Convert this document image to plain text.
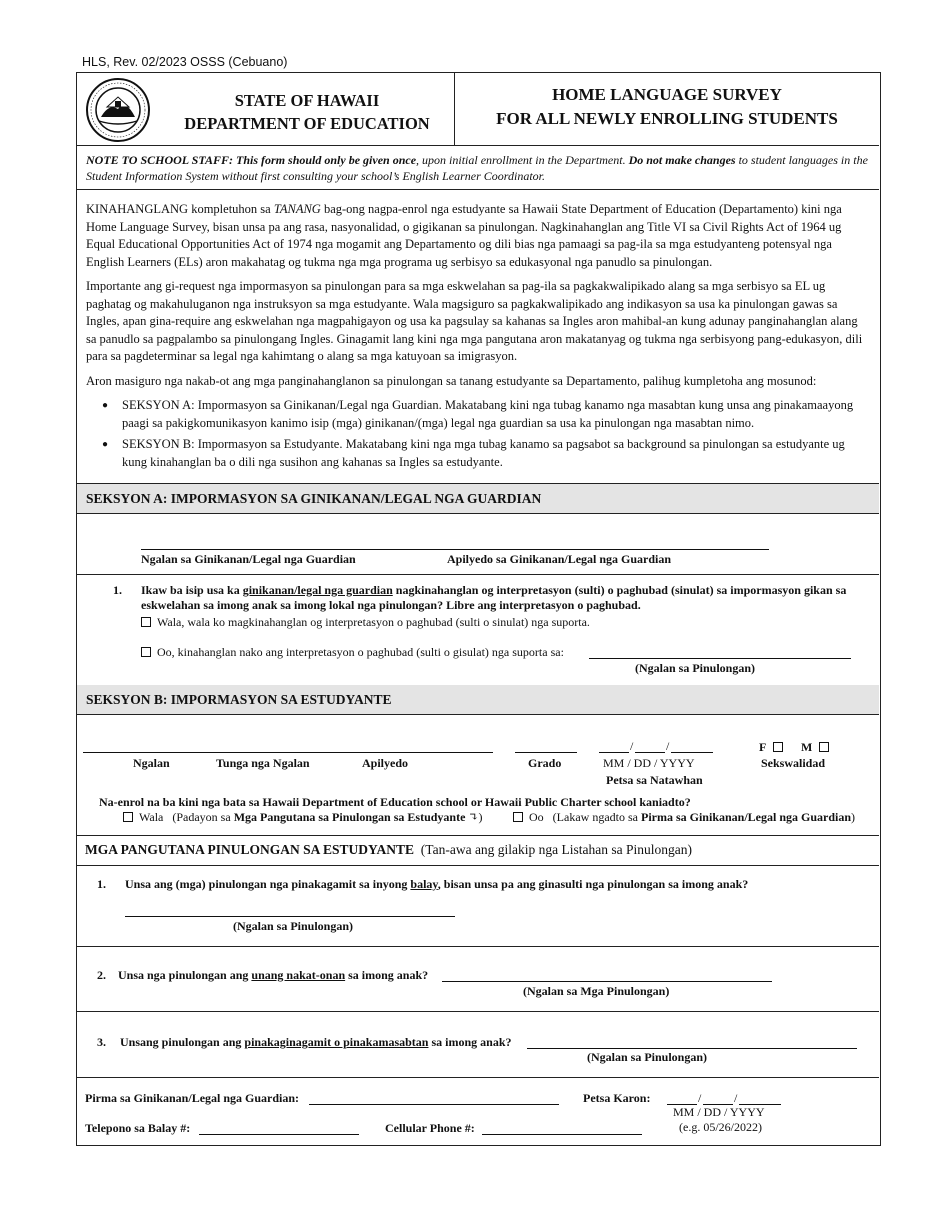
HLS, Rev. 02/2023 OSSS (Cebuano)
STATE OF HAWAII
DEPARTMENT OF EDUCATION
HOME LANGUAGE SURVEY
FOR ALL NEWLY ENROLLING STUDENTS
NOTE TO SCHOOL STAFF: This form should only be given once, upon initial enrollment in the Department. Do not make changes to student languages in the Student Information System without first consulting your school’s English Learner Coordinator.

KINAHANGLANG kompletuhon sa TANANG bag-ong nagpa-enrol nga estudyante sa Hawaii State Department of Education (Departamento) kini nga Home Language Survey, bisan unsa pa ang rasa, nasyonalidad, o gigikanan sa pinulongan. Nagkinahanglan ang Title VI sa Civil Rights Act of 1964 ug Equal Educational Opportunities Act of 1974 nga mogamit ang Departamento og dili bias nga pamaagi sa pag-ila sa mga estudyanteng potensyal nga English Learners (ELs) aron makahatag og tukma nga mga programa ug serbisyo sa edukasyonal nga panudlo sa pinulongan.

Importante ang gi-request nga impormasyon sa pinulongan para sa mga eskwelahan sa pag-ila sa pagkakwalipikado alang sa mga serbisyo sa EL ug paghatag og makahuluganon nga instruksyon sa mga estudyante. Wala magsiguro sa pagkakwalipikado ang indikasyon sa usa ka pinulongan gawas sa Ingles, apan gina-require ang eskwelahan nga magpahigayon og usa ka pagsulay sa kahanas sa Ingles aron mahibal-an kung adunay panginahanglan alang sa panudlo sa pagpalambo sa pinulongang Ingles. Ginagamit lang kini nga mga pangutana aron makatanyag og tukma nga serbisyong pang-edukasyon, dili para sa pagdeterminar sa legal nga kahimtang o alang sa mga katuyoan sa imigrasyon.

Aron masiguro nga nakab-ot ang mga panginahanglanon sa pinulongan sa tanang estudyante sa Departamento, palihug kumpletoha ang mosunod:

● SEKSYON A: Impormasyon sa Ginikanan/Legal nga Guardian. Makatabang kini nga tubag kanamo nga masabtan kung unsa ang pinakamaayong paagi sa pakigkomunikasyon kanimo isip (mga) ginikanan/(mga) legal nga guardian sa usa ka pinulongan nga masabtan nimo.
● SEKSYON B: Impormasyon sa Estudyante. Makatabang kini nga mga tubag kanamo sa pagsabot sa background sa pinulongan sa estudyante ug kung kinahanglan ba o dili nga susihon ang kahanas sa Ingles sa estudyante.
SEKSYON A: IMPORMASYON SA GINIKANAN/LEGAL NGA GUARDIAN
Ngalan sa Ginikanan/Legal nga Guardian	Apilyedo sa Ginikanan/Legal nga Guardian
1. Ikaw ba isip usa ka ginikanan/legal nga guardian nagkinahanglan og interpretasyon (sulti) o paghubad (sinulat) sa impormasyon gikan sa eskwelahan sa imong anak sa imong lokal nga pinulongan? Libre ang interpretasyon o paghubad.
Wala, wala ko magkinahanglan og interpretasyon o paghubad (sulti o sinulat) nga suporta.
Oo, kinahanglan nako ang interpretasyon o paghubad (sulti o gisulat) nga suporta sa:
(Ngalan sa Pinulongan)
SEKSYON B: IMPORMASYON SA ESTUDYANTE
/	/	F	M
Ngalan	Tunga nga Ngalan	Apilyedo	Grado	MM / DD / YYYY
Petsa sa Natawhan
Sekswalidad
Na-enrol na ba kini nga bata sa Hawaii Department of Education school or Hawaii Public Charter school kaniadto?
Wala (Padayon sa Mga Pangutana sa Pinulongan sa Estudyante ↴)	Oo (Lakaw ngadto sa Pirma sa Ginikanan/Legal nga Guardian)
MGA PANGUTANA PINULONGAN SA ESTUDYANTE (Tan-awa ang gilakip nga Listahan sa Pinulongan)
1. Unsa ang (mga) pinulongan nga pinakagamit sa inyong balay, bisan unsa pa ang ginasulti nga pinulongan sa imong anak?
(Ngalan sa Pinulongan)
2. Unsa nga pinulongan ang unang nakat-onan sa imong anak?
(Ngalan sa Mga Pinulongan)
3. Unsang pinulongan ang pinakaginagamit o pinakamasabtan sa imong anak?
(Ngalan sa Pinulongan)
Pirma sa Ginikanan/Legal nga Guardian:	Petsa Karon:	/	/
MM / DD / YYYY
(e.g. 05/26/2022)
Telepono sa Balay #:	Cellular Phone #:
